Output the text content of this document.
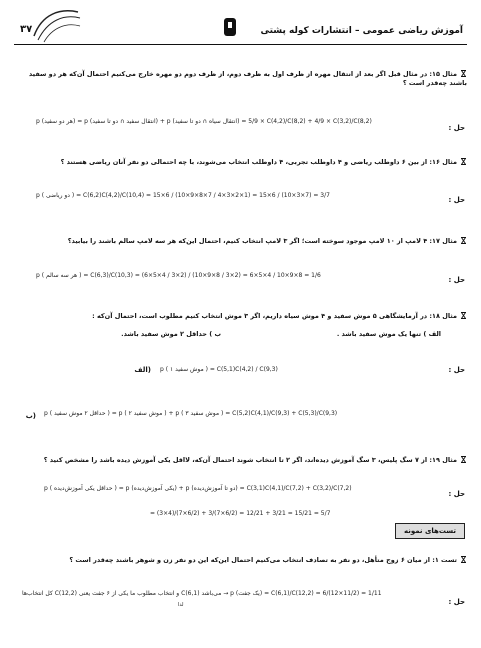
۳۷	آموزش ریاضی عمومی – انتشارات کوله پشتی
مثال ۱۵: در مثال قبل اگر بعد از انتقال مهره از ظرف اول به ظرف دوم، از ظرف دوم دو مهره خارج می‌کنیم احتمال آن‌که هر دو سفید باشند چه‌قدر است ؟
حل :
p (هر دو سفید) = p (انتقال سفید ∩ دو تا سفید) + p (انتقال سیاه ∩ دو تا سفید) = 5/9 × C(4,2)/C(8,2) + 4/9 × C(3,2)/C(8,2)
مثال ۱۶: از بین ۶ داوطلب ریاضی و ۴ داوطلب تجربی، ۴ داوطلب انتخاب می‌شوند، با چه احتمالی دو نفر آنان ریاضی هستند ؟
حل :
p ( دو ریاضی ) = C(6,2)C(4,2)/C(10,4) = 15×6 / (10×9×8×7 / 4×3×2×1) = 15×6 / (10×3×7) = 3/7
مثال ۱۷: ۴ لامپ از ۱۰ لامپ موجود سوخته است؛ اگر ۳ لامپ انتخاب کنیم، احتمال این‌که هر سه لامپ سالم باشند را بیابید؟
حل :
p ( هر سه سالم ) = C(6,3)/C(10,3) = (6×5×4 / 3×2) / (10×9×8 / 3×2) = 6×5×4 / 10×9×8 = 1/6
مثال ۱۸: در آزمایشگاهی ۵ موش سفید و ۴ موش سیاه داریم، اگر ۳ موش انتخاب کنیم مطلوب است، احتمال آن‌که :
الف ) تنها یک موش سفید باشد .
ب ) حداقل ۲ موش سفید باشد.
حل :
(الف p ( ۱ موش سفید ) = C(5,1)C(4,2) / C(9,3)
(ب p ( حداقل ۲ موش سفید ) = p ( ۲ موش سفید ) + p ( ۳ موش سفید ) = C(5,2)C(4,1)/C(9,3) + C(5,3)/C(9,3)
مثال ۱۹: از ۷ سگ پلیس، ۳ سگ آموزش دیده‌اند، اگر ۲ تا انتخاب شوند احتمال آن‌که، لااقل یکی آموزش دیده باشد را مشخص کنید ؟
حل :
p ( حداقل یکی آموزش‌دیده ) = p (یکی آموزش‌دیده) + p (دو تا آموزش‌دیده) = C(3,1)C(4,1)/C(7,2) + C(3,2)/C(7,2)
= (3×4)/(7×6/2) + 3/(7×6/2) = 12/21 + 3/21 = 15/21 = 5/7
تست‌های نمونه
تست ۱: از میان ۶ زوج متأهل، دو نفر به تصادف انتخاب می‌کنیم احتمال این‌که این دو نفر زن و شوهر باشند چه‌قدر است ؟
حل :
کل انتخاب‌ها C(12,2) و انتخاب مطلوب ما یکی از ۶ جفت یعنی C(6,1) می‌باشد → p (یک جفت) = C(6,1)/C(12,2) = 6/(12×11/2) = 1/11
لذا
